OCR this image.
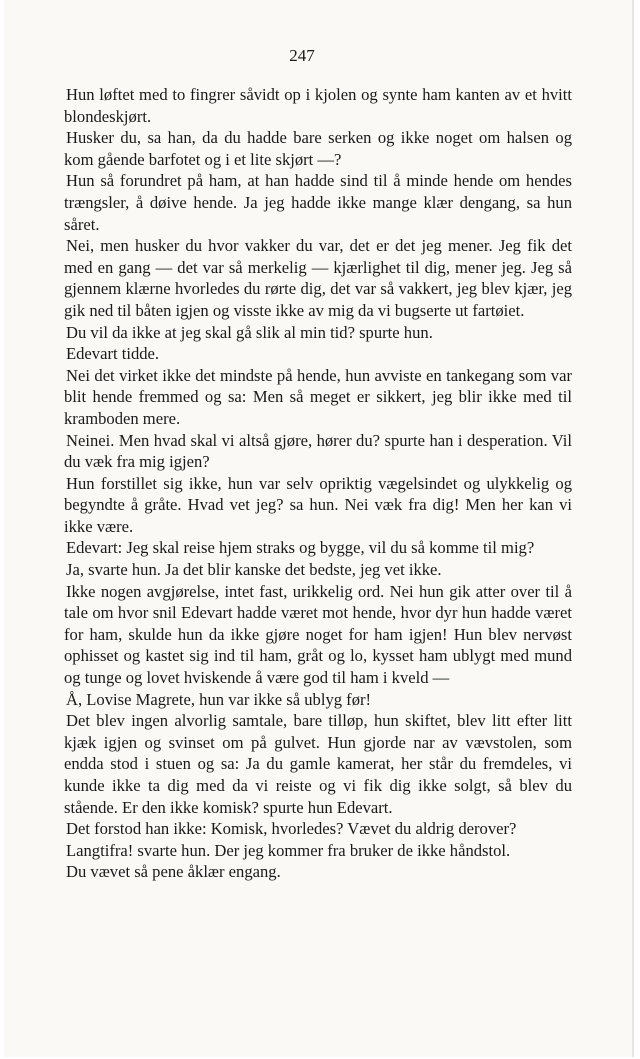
247

Hun løftet med to fingrer såvidt op i kjolen og synte ham kanten av et hvitt blondeskjørt.

Husker du, sa han, da du hadde bare serken og ikke noget om halsen og kom gående barfotet og i et lite skjørt —?

Hun så forundret på ham, at han hadde sind til å minde hende om hendes trængsler, å døive hende. Ja jeg hadde ikke mange klær dengang, sa hun såret.

Nei, men husker du hvor vakker du var, det er det jeg mener. Jeg fik det med en gang — det var så merkelig — kjærlighet til dig, mener jeg. Jeg så gjennem klærne hvorledes du rørte dig, det var så vakkert, jeg blev kjær, jeg gik ned til båten igjen og visste ikke av mig da vi bugserte ut fartøiet.

Du vil da ikke at jeg skal gå slik al min tid? spurte hun.

Edevart tidde.

Nei det virket ikke det mindste på hende, hun avviste en tankegang som var blit hende fremmed og sa: Men så meget er sikkert, jeg blir ikke med til kramboden mere.

Neinei. Men hvad skal vi altså gjøre, hører du? spurte han i desperation. Vil du væk fra mig igjen?

Hun forstillet sig ikke, hun var selv opriktig vægelsindet og ulykkelig og begyndte å gråte. Hvad vet jeg? sa hun. Nei væk fra dig! Men her kan vi ikke være.

Edevart: Jeg skal reise hjem straks og bygge, vil du så komme til mig?

Ja, svarte hun. Ja det blir kanske det bedste, jeg vet ikke.

Ikke nogen avgjørelse, intet fast, urikkelig ord. Nei hun gik atter over til å tale om hvor snil Edevart hadde været mot hende, hvor dyr hun hadde været for ham, skulde hun da ikke gjøre noget for ham igjen! Hun blev nervøst ophisset og kastet sig ind til ham, gråt og lo, kysset ham ublygt med mund og tunge og lovet hviskende å være god til ham i kveld —

Å, Lovise Magrete, hun var ikke så ublyg før!

Det blev ingen alvorlig samtale, bare tilløp, hun skiftet, blev litt efter litt kjæk igjen og svinset om på gulvet. Hun gjorde nar av vævstolen, som endda stod i stuen og sa: Ja du gamle kamerat, her står du fremdeles, vi kunde ikke ta dig med da vi reiste og vi fik dig ikke solgt, så blev du stående. Er den ikke komisk? spurte hun Edevart.

Det forstod han ikke: Komisk, hvorledes? Vævet du aldrig derover?

Langtifra! svarte hun. Der jeg kommer fra bruker de ikke håndstol.

Du vævet så pene åklær engang.
